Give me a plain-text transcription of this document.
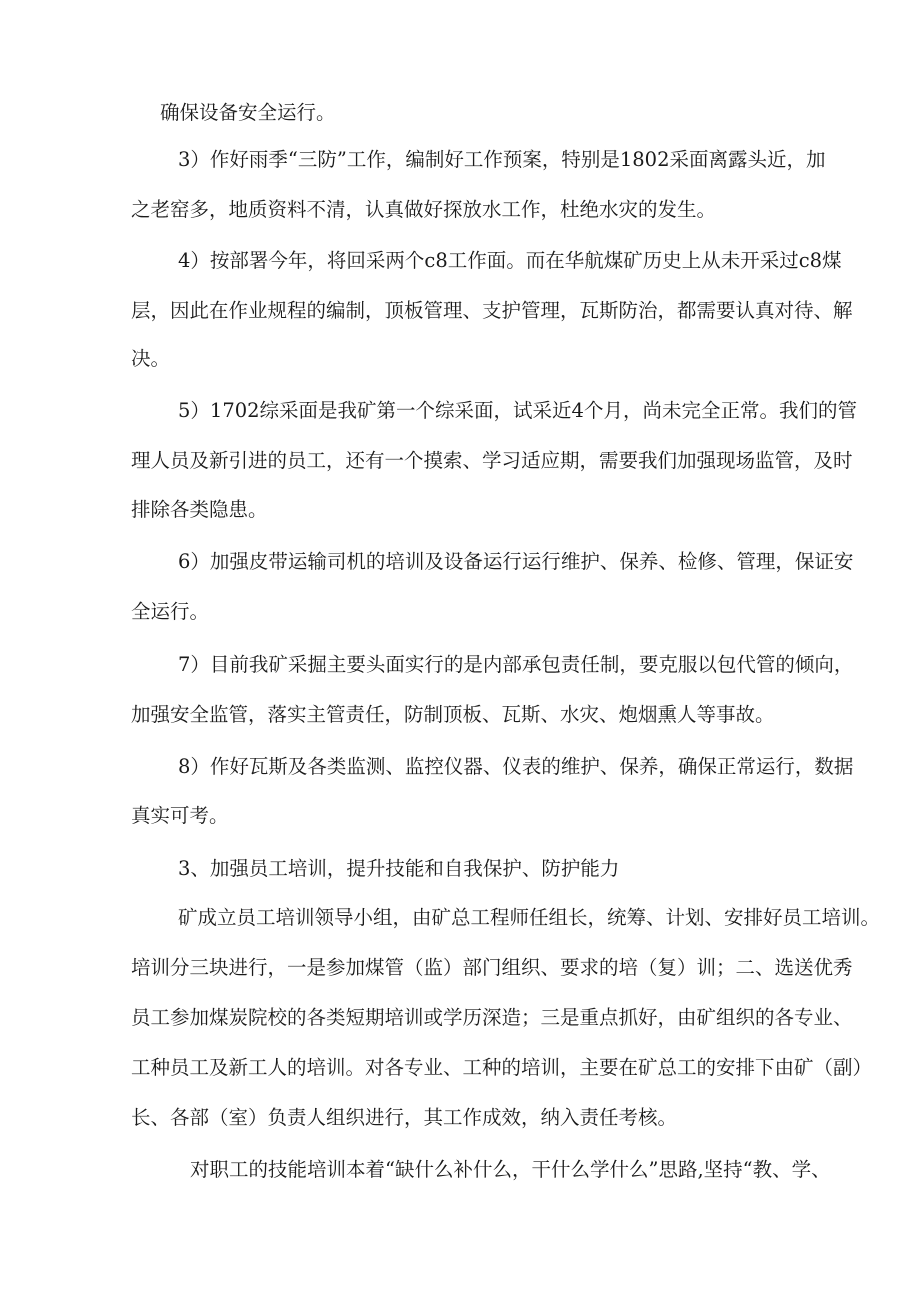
确保设备安全运行。
3）作好雨季“三防”工作，编制好工作预案，特别是1802采面离露头近，加
之老窑多，地质资料不清，认真做好探放水工作，杜绝水灾的发生。
4）按部署今年，将回采两个c8工作面。而在华航煤矿历史上从未开采过c8煤
层，因此在作业规程的编制，顶板管理、支护管理，瓦斯防治，都需要认真对待、解
决。
5）1702综采面是我矿第一个综采面，试采近4个月，尚未完全正常。我们的管
理人员及新引进的员工，还有一个摸索、学习适应期，需要我们加强现场监管，及时
排除各类隐患。
6）加强皮带运输司机的培训及设备运行运行维护、保养、检修、管理，保证安
全运行。
7）目前我矿采掘主要头面实行的是内部承包责任制，要克服以包代管的倾向，
加强安全监管，落实主管责任，防制顶板、瓦斯、水灾、炮烟熏人等事故。
8）作好瓦斯及各类监测、监控仪器、仪表的维护、保养，确保正常运行，数据
真实可考。
3、加强员工培训，提升技能和自我保护、防护能力
矿成立员工培训领导小组，由矿总工程师任组长，统筹、计划、安排好员工培训。
培训分三块进行，一是参加煤管（监）部门组织、要求的培（复）训；二、选送优秀
员工参加煤炭院校的各类短期培训或学历深造；三是重点抓好，由矿组织的各专业、
工种员工及新工人的培训。对各专业、工种的培训，主要在矿总工的安排下由矿（副）
长、各部（室）负责人组织进行，其工作成效，纳入责任考核。
对职工的技能培训本着“缺什么补什么，干什么学什么”思路,坚持“教、学、
